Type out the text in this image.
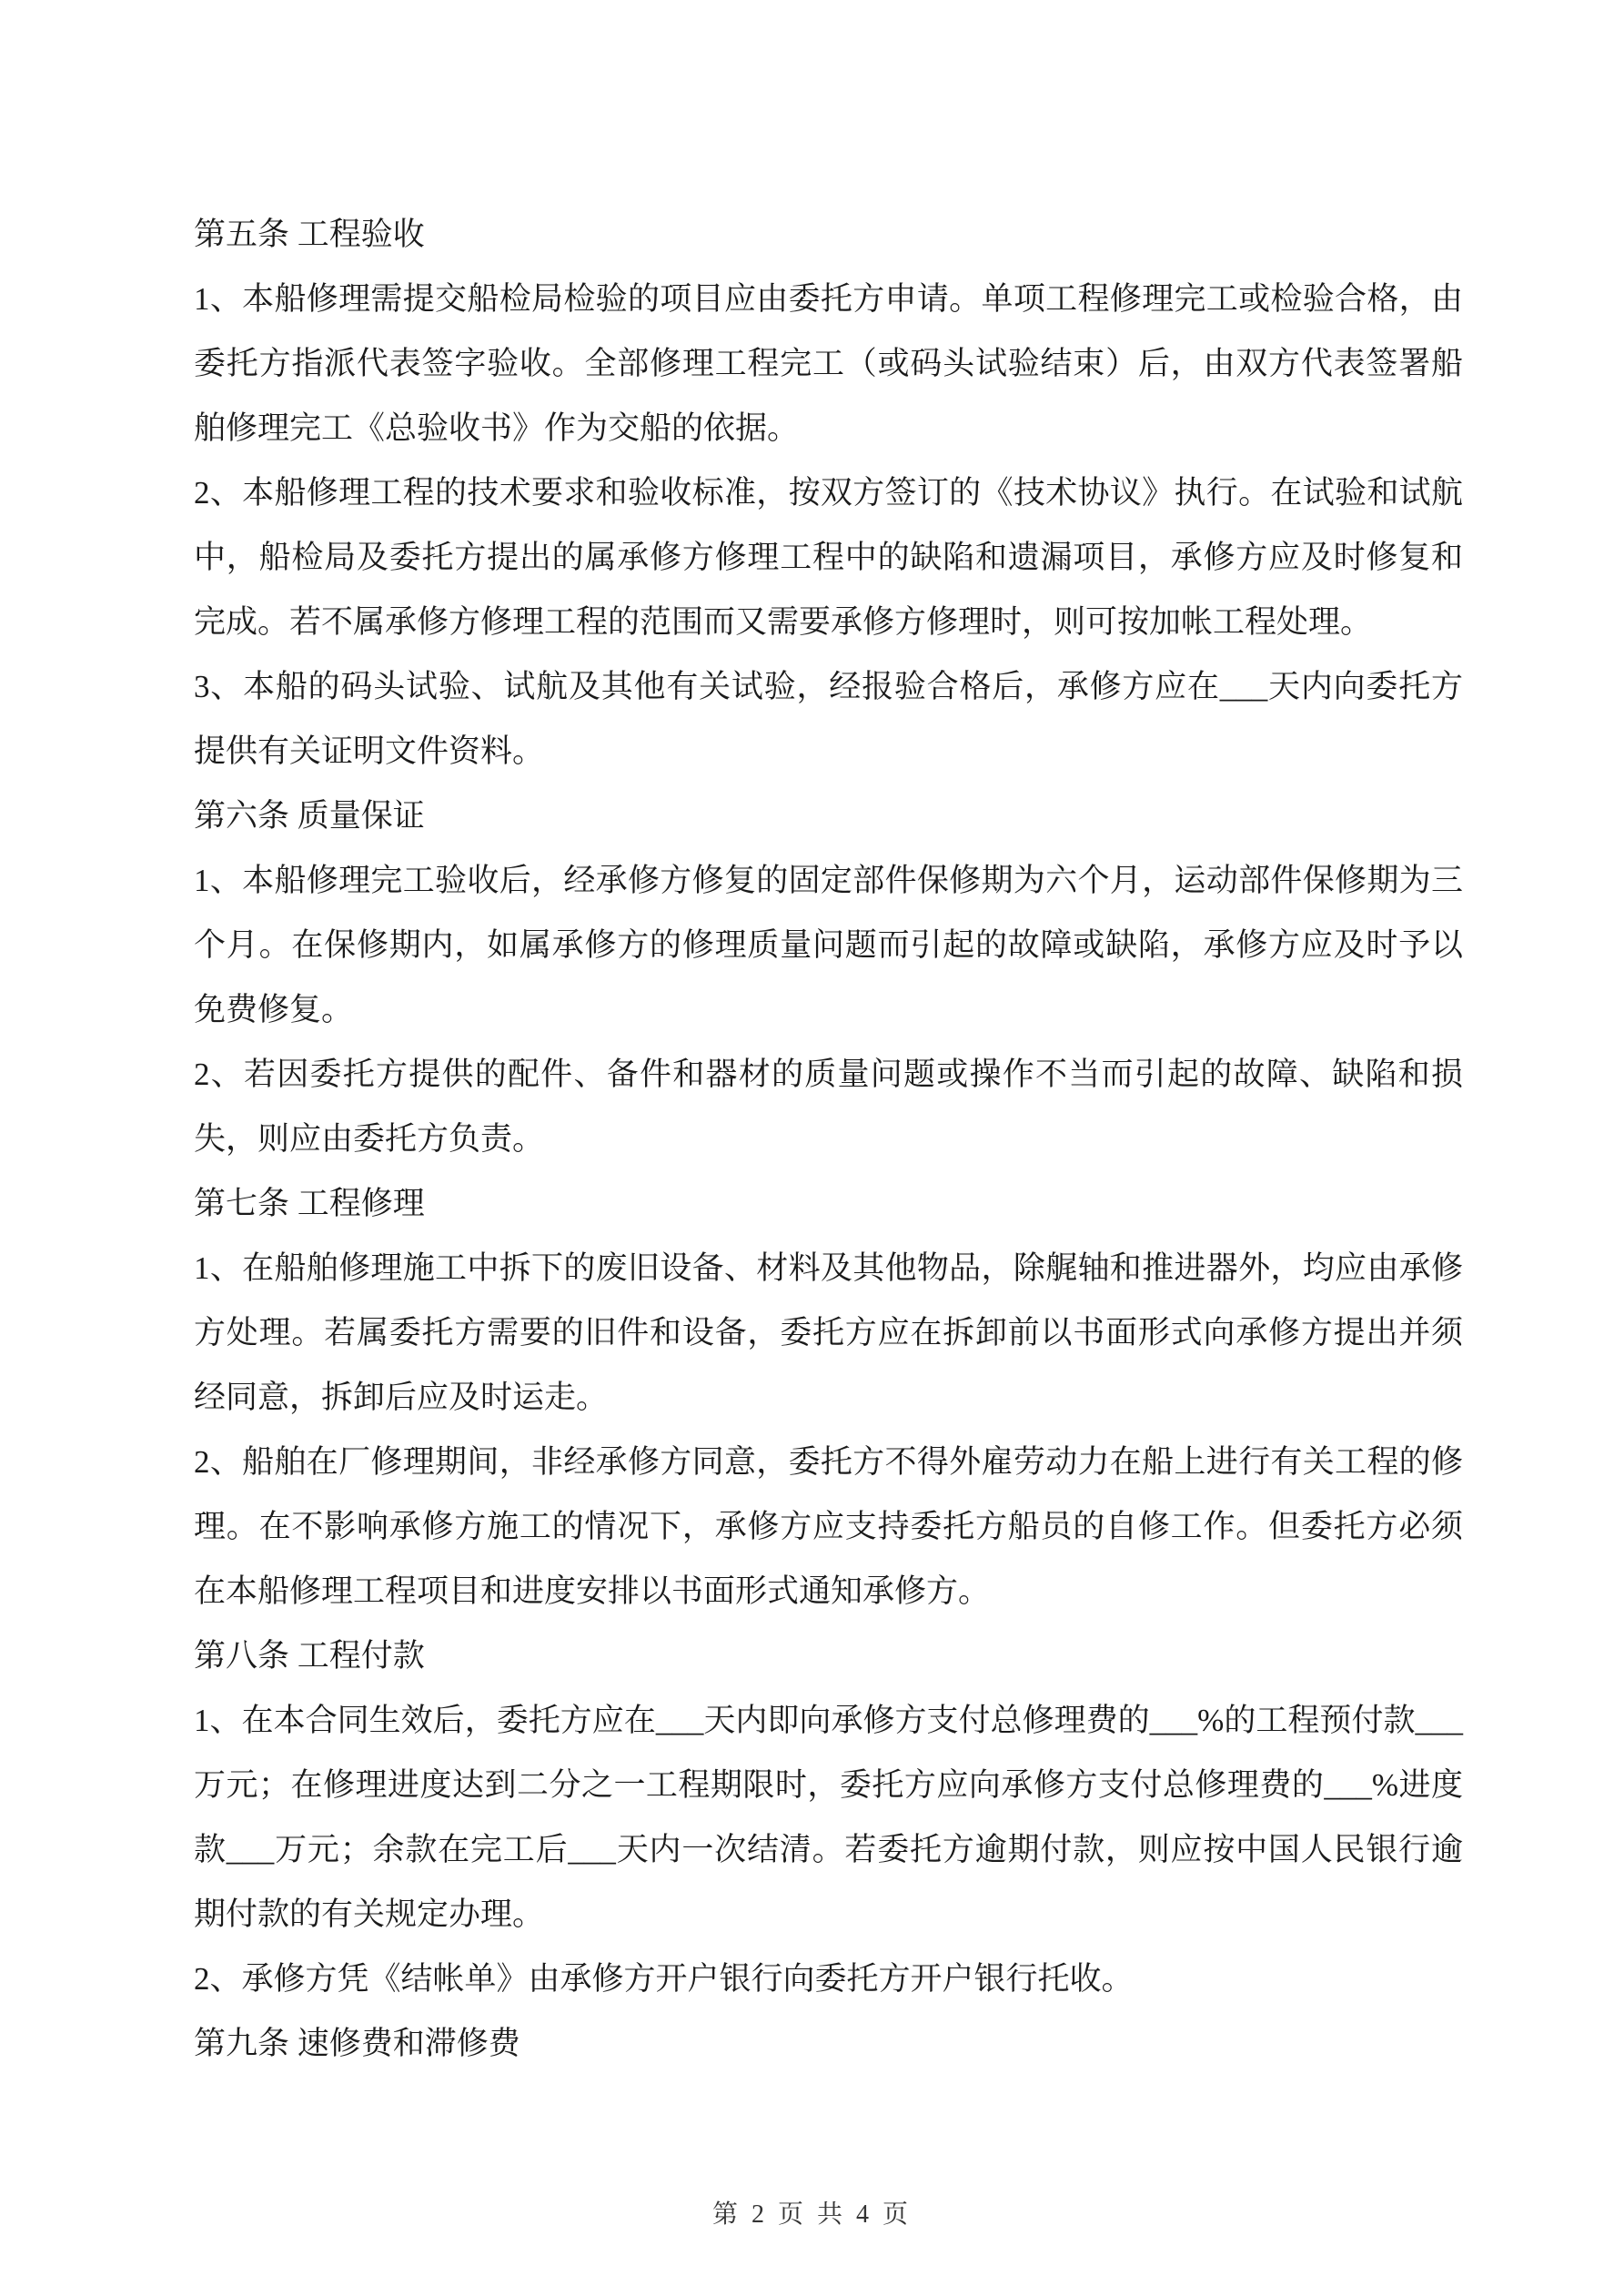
第五条 工程验收

1、本船修理需提交船检局检验的项目应由委托方申请。单项工程修理完工或检验合格，由委托方指派代表签字验收。全部修理工程完工（或码头试验结束）后，由双方代表签署船舶修理完工《总验收书》作为交船的依据。

2、本船修理工程的技术要求和验收标准，按双方签订的《技术协议》执行。在试验和试航中，船检局及委托方提出的属承修方修理工程中的缺陷和遗漏项目，承修方应及时修复和完成。若不属承修方修理工程的范围而又需要承修方修理时，则可按加帐工程处理。

3、本船的码头试验、试航及其他有关试验，经报验合格后，承修方应在___天内向委托方提供有关证明文件资料。

第六条 质量保证

1、本船修理完工验收后，经承修方修复的固定部件保修期为六个月，运动部件保修期为三个月。在保修期内，如属承修方的修理质量问题而引起的故障或缺陷，承修方应及时予以免费修复。

2、若因委托方提供的配件、备件和器材的质量问题或操作不当而引起的故障、缺陷和损失，则应由委托方负责。

第七条 工程修理

1、在船舶修理施工中拆下的废旧设备、材料及其他物品，除艉轴和推进器外，均应由承修方处理。若属委托方需要的旧件和设备，委托方应在拆卸前以书面形式向承修方提出并须经同意，拆卸后应及时运走。

2、船舶在厂修理期间，非经承修方同意，委托方不得外雇劳动力在船上进行有关工程的修理。在不影响承修方施工的情况下，承修方应支持委托方船员的自修工作。但委托方必须在本船修理工程项目和进度安排以书面形式通知承修方。

第八条 工程付款

1、在本合同生效后，委托方应在___天内即向承修方支付总修理费的___%的工程预付款___万元；在修理进度达到二分之一工程期限时，委托方应向承修方支付总修理费的___%进度款___万元；余款在完工后___天内一次结清。若委托方逾期付款，则应按中国人民银行逾期付款的有关规定办理。

2、承修方凭《结帐单》由承修方开户银行向委托方开户银行托收。

第九条 速修费和滞修费

第 2 页 共 4 页
